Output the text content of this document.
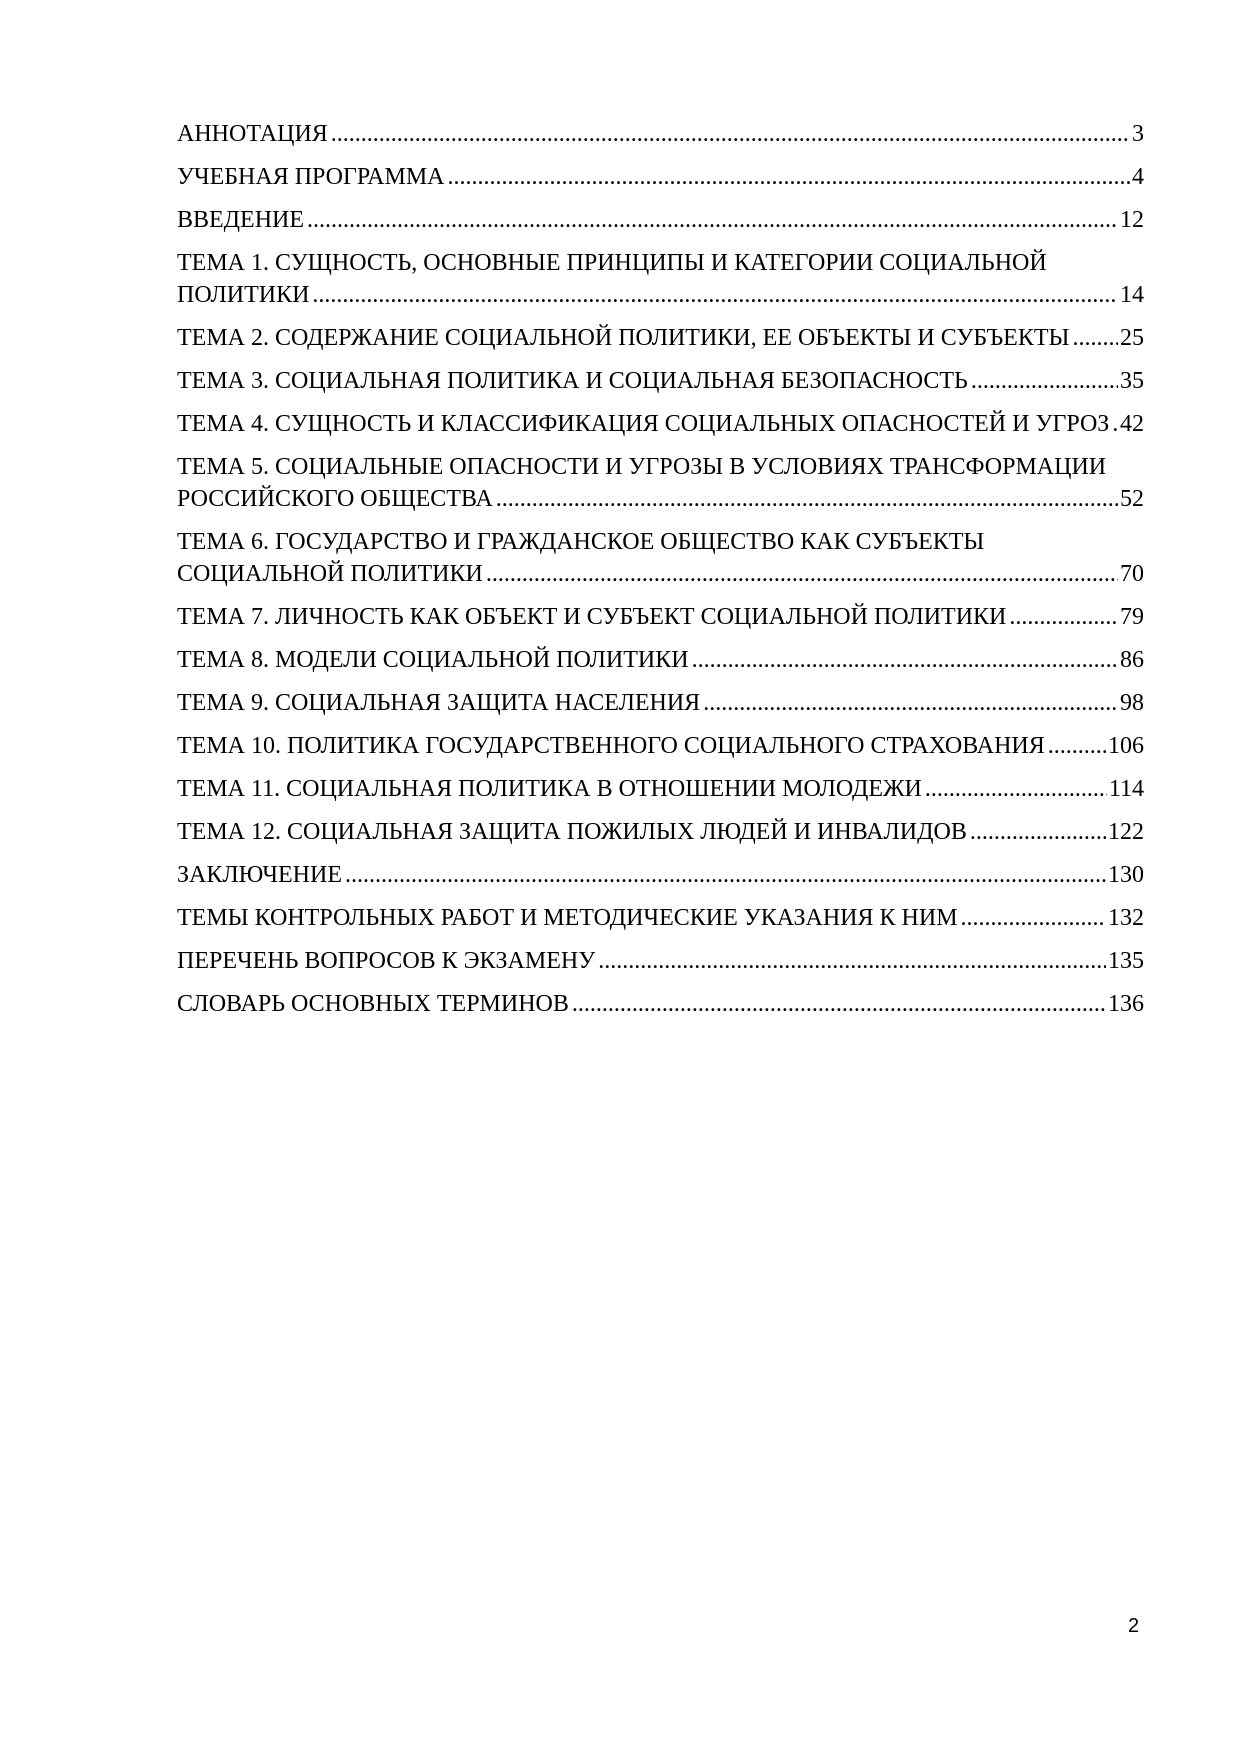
АННОТАЦИЯ .....	3
УЧЕБНАЯ ПРОГРАММА .....	4
ВВЕДЕНИЕ .....	12
ТЕМА 1. СУЩНОСТЬ, ОСНОВНЫЕ ПРИНЦИПЫ И КАТЕГОРИИ СОЦИАЛЬНОЙ
ПОЛИТИКИ .....	14
ТЕМА 2. СОДЕРЖАНИЕ СОЦИАЛЬНОЙ ПОЛИТИКИ, ЕЕ ОБЪЕКТЫ И СУБЪЕКТЫ ..... 25
ТЕМА 3. СОЦИАЛЬНАЯ ПОЛИТИКА И СОЦИАЛЬНАЯ БЕЗОПАСНОСТЬ .....	35
ТЕМА 4. СУЩНОСТЬ И КЛАССИФИКАЦИЯ СОЦИАЛЬНЫХ ОПАСНОСТЕЙ И УГРОЗ ..... 42
ТЕМА 5. СОЦИАЛЬНЫЕ ОПАСНОСТИ И УГРОЗЫ В УСЛОВИЯХ ТРАНСФОРМАЦИИ
РОССИЙСКОГО ОБЩЕСТВА .....	52
ТЕМА 6. ГОСУДАРСТВО И ГРАЖДАНСКОЕ ОБЩЕСТВО КАК СУБЪЕКТЫ
СОЦИАЛЬНОЙ ПОЛИТИКИ .....	70
ТЕМА 7. ЛИЧНОСТЬ КАК ОБЪЕКТ И СУБЪЕКТ СОЦИАЛЬНОЙ ПОЛИТИКИ .....	79
ТЕМА 8. МОДЕЛИ СОЦИАЛЬНОЙ ПОЛИТИКИ .....	86
ТЕМА 9. СОЦИАЛЬНАЯ ЗАЩИТА НАСЕЛЕНИЯ .....	98
ТЕМА 10. ПОЛИТИКА ГОСУДАРСТВЕННОГО СОЦИАЛЬНОГО СТРАХОВАНИЯ .....	106
ТЕМА 11. СОЦИАЛЬНАЯ ПОЛИТИКА В ОТНОШЕНИИ МОЛОДЕЖИ .....	114
ТЕМА 12. СОЦИАЛЬНАЯ ЗАЩИТА ПОЖИЛЫХ ЛЮДЕЙ И ИНВАЛИДОВ .....	122
ЗАКЛЮЧЕНИЕ .....	130
ТЕМЫ КОНТРОЛЬНЫХ РАБОТ И МЕТОДИЧЕСКИЕ УКАЗАНИЯ К НИМ .....	132
ПЕРЕЧЕНЬ ВОПРОСОВ К ЭКЗАМЕНУ .....	135
СЛОВАРЬ ОСНОВНЫХ ТЕРМИНОВ .....	136
2
